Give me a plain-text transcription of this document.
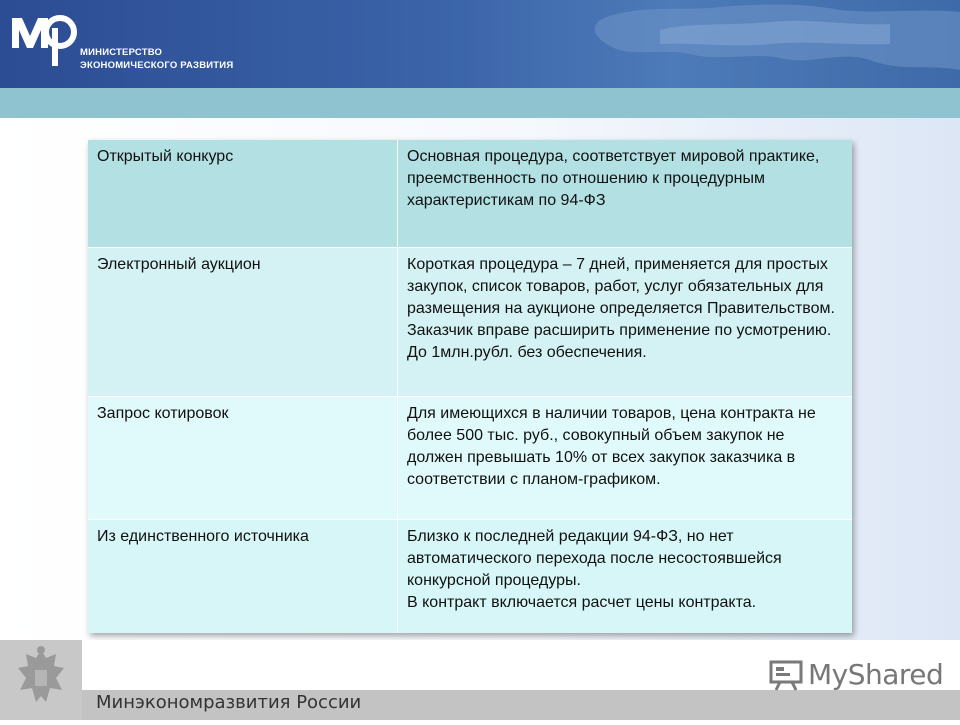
МИНИСТЕРСТВО
ЭКОНОМИЧЕСКОГО РАЗВИТИЯ
Открытый конкурс	Основная процедура, соответствует мировой практике, преемственность по отношению к процедурным характеристикам по 94-ФЗ
Электронный аукцион	Короткая процедура – 7 дней, применяется для простых закупок, список товаров, работ, услуг обязательных для размещения на аукционе определяется Правительством. Заказчик вправе расширить применение по усмотрению. До 1млн.рубл. без обеспечения.
Запрос котировок	Для имеющихся в наличии товаров, цена контракта не более 500 тыс. руб., совокупный объем закупок не должен превышать 10% от всех закупок заказчика в соответствии с планом-графиком.
Из единственного источника	Близко к последней редакции 94-ФЗ, но нет автоматического перехода после несостоявшейся конкурсной процедуры.
В контракт включается расчет цены контракта.
Минэкономразвития России
MyShared
